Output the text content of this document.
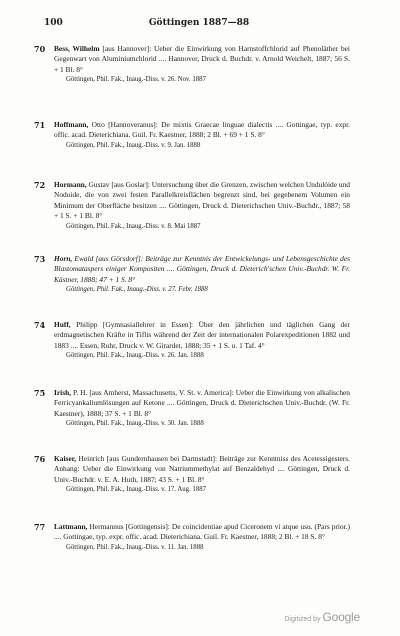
100	Göttingen 1887—88
70 Bess, Wilhelm [aus Hannover]: Ueber die Einwirkung von Harnstoffchlorid auf Phenoläther bei Gegenwart von Aluminiumchlorid .... Hannover, Druck d. Buchdr. v. Arnold Weichelt, 1887; 56 S. + 1 Bl. 8°
Göttingen, Phil. Fak., Inaug.-Diss. v. 26. Nov. 1887
71 Hoffmann, Otto [Hannoveranus]: De mixtis Graecae linguae dialectis .... Gottingae, typ. expr. offic. acad. Dieterichiana. Guil. Fr. Kaestner, 1888; 2 Bl. + 69 + 1 S. 8°
Göttingen, Phil. Fak., Inaug.-Diss. v. 9. Jan. 1888
72 Hormann, Gustav [aus Goslar]: Untersuchung über die Grenzen, zwischen welchen Undulóide und Nodoide, die von zwei festen Parallelkreisflächen begrenzt sind, bei gegebenem Volumen ein Minimum der Oberfläche besitzen .... Göttingen, Druck d. Dieterichschen Univ.-Buchdr., 1887; 58 + 1 S. + 1 Bl. 8°
Göttingen, Phil. Fak., Inaug.-Diss. v. 8. Mai 1887
73 Horn, Ewald [aus Görsdorf]: Beiträge zur Kenntnis der Entwickelungs- und Lebensgeschichte des Blastomataspers einiger Kompositen .... Göttingen, Druck d. Dieterich'schen Univ.-Buchdr. W. Fr. Kästner, 1888; 47 + 1 S. 8°
Göttingen, Phil. Fak., Inaug.-Diss. v. 27. Febr. 1888
74 Huff, Philipp [Gymnasiallehrer in Essen]: Über den jährlichen und täglichen Gang der erdmagnetischen Kräfte in Tiflis während der Zeit der internationalen Polarexpeditionen 1882 und 1883 .... Essen, Ruhr, Druck v. W. Girardet, 1888; 35 + 1 S. u. 1 Taf. 4°
Göttingen, Phil. Fak., Inaug.-Diss. v. 26. Jan. 1888
75 Irish, P. H. [aus Amherst, Massachusetts, V. St. v. America]: Ueber die Einwirkung von alkalischen Ferricyankaliumlösungen auf Ketone .... Göttingen, Druck d. Dieterichschen Univ.-Buchdr. (W. Fr. Kaestner), 1888; 37 S. + 1 Bl. 8°
Göttingen, Phil. Fak., Inaug.-Diss. v. 30. Jan. 1888
76 Kaiser, Heinrich [aus Gundernhausen bei Darmstadt]: Beiträge zur Kenntniss des Acetessigesters. Anhang: Ueber die Einwirkung von Natriummethylat auf Benzaldehyd .... Göttingen, Druck d. Univ.-Buchdr. v. E. A. Huth, 1887; 43 S. + 1 Bl. 8°
Göttingen, Phil. Fak., Inaug.-Diss. v. 17. Aug. 1887
77 Lattmann, Hermannus [Gottingensis]: De coincidentiae apud Ciceronem vi atque usu. (Pars prior.) .... Gottingae, typ. expr. offic. acad. Dieterichiana. Guil. Fr. Kaestner, 1888; 2 Bl. + 18 S. 8°
Göttingen, Phil. Fak., Inaug.-Diss. v. 11. Jan. 1888
Digitized by Google
